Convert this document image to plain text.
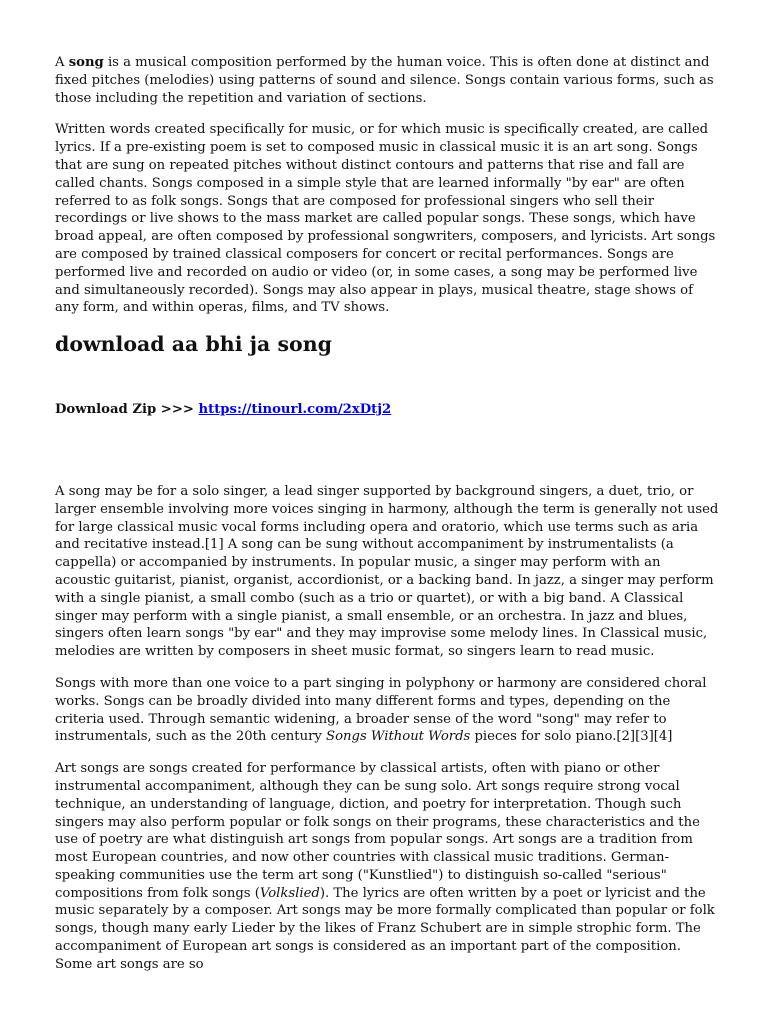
A song is a musical composition performed by the human voice. This is often done at distinct and fixed pitches (melodies) using patterns of sound and silence. Songs contain various forms, such as those including the repetition and variation of sections.

Written words created specifically for music, or for which music is specifically created, are called lyrics. If a pre-existing poem is set to composed music in classical music it is an art song. Songs that are sung on repeated pitches without distinct contours and patterns that rise and fall are called chants. Songs composed in a simple style that are learned informally "by ear" are often referred to as folk songs. Songs that are composed for professional singers who sell their recordings or live shows to the mass market are called popular songs. These songs, which have broad appeal, are often composed by professional songwriters, composers, and lyricists. Art songs are composed by trained classical composers for concert or recital performances. Songs are performed live and recorded on audio or video (or, in some cases, a song may be performed live and simultaneously recorded). Songs may also appear in plays, musical theatre, stage shows of any form, and within operas, films, and TV shows.

download aa bhi ja song
Download Zip >>> https://tinourl.com/2xDtj2

A song may be for a solo singer, a lead singer supported by background singers, a duet, trio, or larger ensemble involving more voices singing in harmony, although the term is generally not used for large classical music vocal forms including opera and oratorio, which use terms such as aria and recitative instead.[1] A song can be sung without accompaniment by instrumentalists (a cappella) or accompanied by instruments. In popular music, a singer may perform with an acoustic guitarist, pianist, organist, accordionist, or a backing band. In jazz, a singer may perform with a single pianist, a small combo (such as a trio or quartet), or with a big band. A Classical singer may perform with a single pianist, a small ensemble, or an orchestra. In jazz and blues, singers often learn songs "by ear" and they may improvise some melody lines. In Classical music, melodies are written by composers in sheet music format, so singers learn to read music.

Songs with more than one voice to a part singing in polyphony or harmony are considered choral works. Songs can be broadly divided into many different forms and types, depending on the criteria used. Through semantic widening, a broader sense of the word "song" may refer to instrumentals, such as the 20th century Songs Without Words pieces for solo piano.[2][3][4]

Art songs are songs created for performance by classical artists, often with piano or other instrumental accompaniment, although they can be sung solo. Art songs require strong vocal technique, an understanding of language, diction, and poetry for interpretation. Though such singers may also perform popular or folk songs on their programs, these characteristics and the use of poetry are what distinguish art songs from popular songs. Art songs are a tradition from most European countries, and now other countries with classical music traditions. German-speaking communities use the term art song ("Kunstlied") to distinguish so-called "serious" compositions from folk songs (Volkslied). The lyrics are often written by a poet or lyricist and the music separately by a composer. Art songs may be more formally complicated than popular or folk songs, though many early Lieder by the likes of Franz Schubert are in simple strophic form. The accompaniment of European art songs is considered as an important part of the composition. Some art songs are so
